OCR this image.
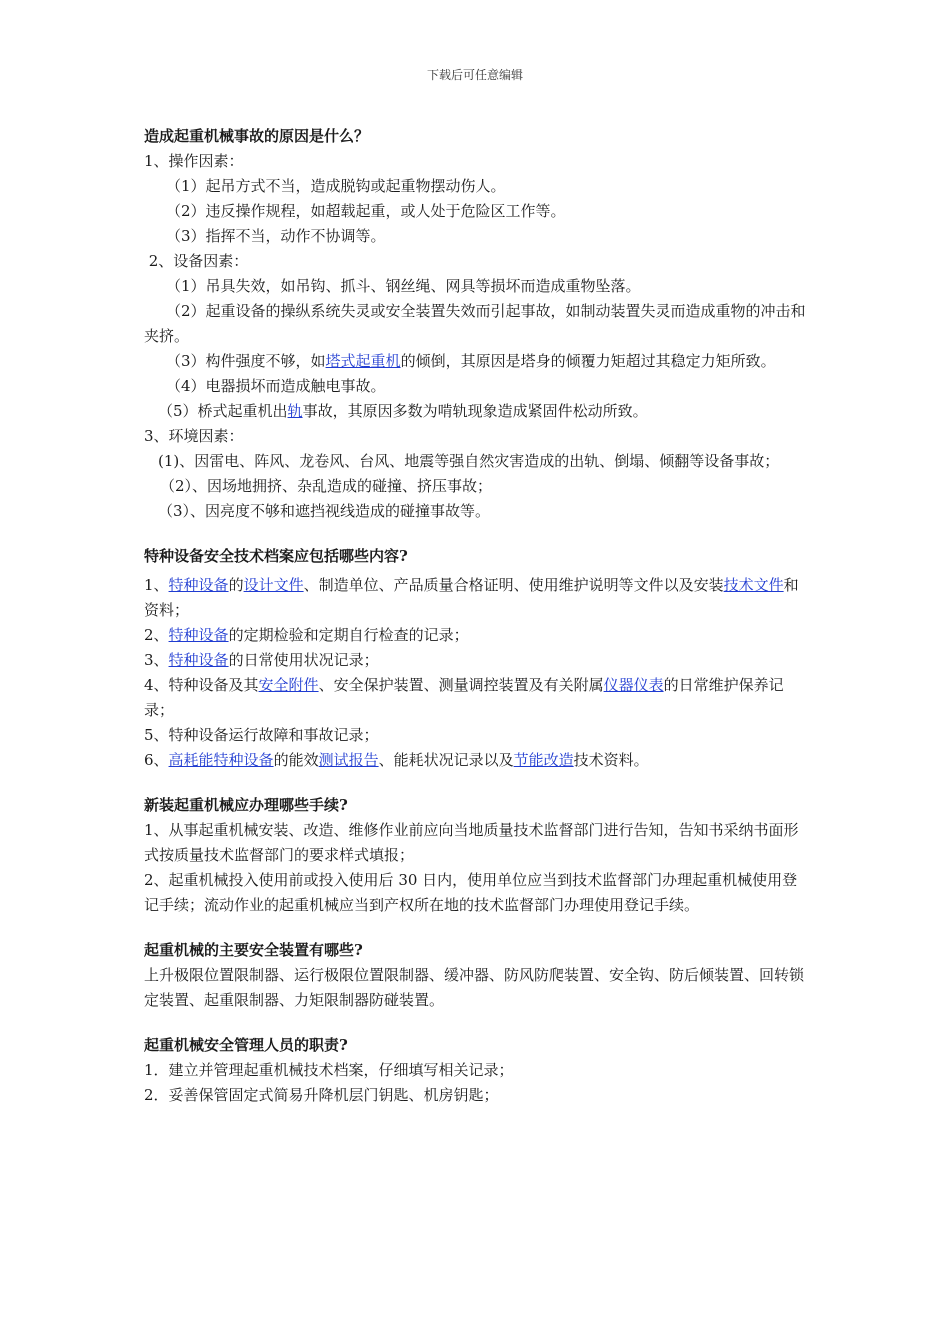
下载后可任意编辑

造成起重机械事故的原因是什么？

1、操作因素：

（1）起吊方式不当，造成脱钩或起重物摆动伤人。

（2）违反操作规程，如超载起重，或人处于危险区工作等。

（3）指挥不当，动作不协调等。

2、设备因素：

（1）吊具失效，如吊钩、抓斗、钢丝绳、网具等损坏而造成重物坠落。

（2）起重设备的操纵系统失灵或安全装置失效而引起事故，如制动装置失灵而造成重物的冲击和夹挤。

（3）构件强度不够，如塔式起重机的倾倒，其原因是塔身的倾覆力矩超过其稳定力矩所致。

（4）电器损坏而造成触电事故。

（5）桥式起重机出轨事故，其原因多数为啃轨现象造成紧固件松动所致。

3、环境因素：

(1)、因雷电、阵风、龙卷风、台风、地震等强自然灾害造成的出轨、倒塌、倾翻等设备事故；

（2）、因场地拥挤、杂乱造成的碰撞、挤压事故；

（3）、因亮度不够和遮挡视线造成的碰撞事故等。

特种设备安全技术档案应包括哪些内容?

1、特种设备的设计文件、制造单位、产品质量合格证明、使用维护说明等文件以及安装技术文件和资料；

2、特种设备的定期检验和定期自行检查的记录；

3、特种设备的日常使用状况记录；

4、特种设备及其安全附件、安全保护装置、测量调控装置及有关附属仪器仪表的日常维护保养记录；

5、特种设备运行故障和事故记录；

6、高耗能特种设备的能效测试报告、能耗状况记录以及节能改造技术资料。

新装起重机械应办理哪些手续?

1、从事起重机械安装、改造、维修作业前应向当地质量技术监督部门进行告知，告知书采纳书面形式按质量技术监督部门的要求样式填报；

2、起重机械投入使用前或投入使用后 30 日内，使用单位应当到技术监督部门办理起重机械使用登记手续；流动作业的起重机械应当到产权所在地的技术监督部门办理使用登记手续。

起重机械的主要安全装置有哪些?

上升极限位置限制器、运行极限位置限制器、缓冲器、防风防爬装置、安全钩、防后倾装置、回转锁定装置、起重限制器、力矩限制器防碰装置。

起重机械安全管理人员的职责?

1．建立并管理起重机械技术档案，仔细填写相关记录；

2．妥善保管固定式简易升降机层门钥匙、机房钥匙；
